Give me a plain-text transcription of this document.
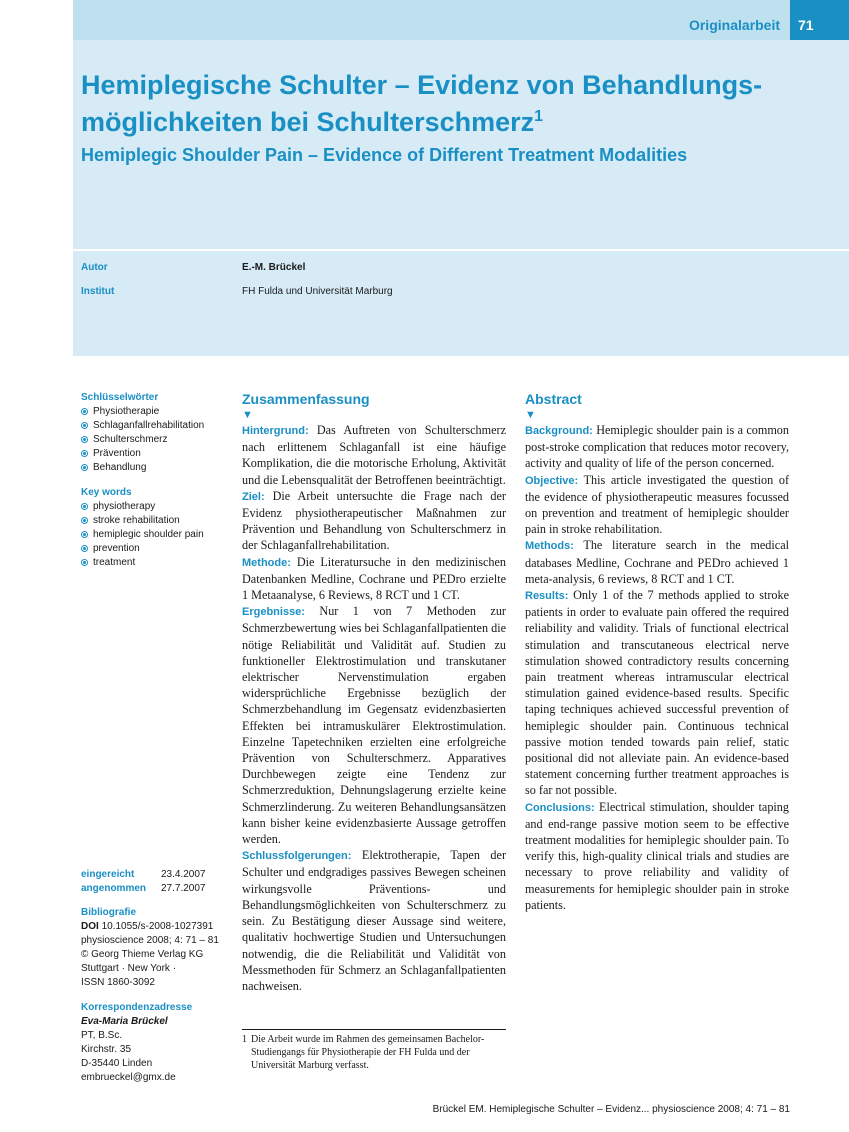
Originalarbeit	71
Hemiplegische Schulter – Evidenz von Behandlungs-
möglichkeiten bei Schulterschmerz$^1$
Hemiplegic Shoulder Pain – Evidence of Different Treatment Modalities
Autor	E.-M. Brückel
Institut	FH Fulda und Universität Marburg
Schlüsselwörter
Physiotherapie
Schlaganfallrehabilitation
Schulterschmerz
Prävention
Behandlung
Key words
physiotherapy
stroke rehabilitation
hemiplegic shoulder pain
prevention
treatment
eingereicht	23.4.2007
angenommen	27.7.2007
Bibliografie
DOI 10.1055/s-2008-1027391
physioscience 2008; 4: 71 – 81
© Georg Thieme Verlag KG
Stuttgart · New York ·
ISSN 1860-3092
Korrespondenzadresse
Eva-Maria Brückel
PT, B.Sc.
Kirchstr. 35
D-35440 Linden
embrueckel@gmx.de
Zusammenfassung
▼

Hintergrund: Das Auftreten von Schulterschmerz nach erlittenem Schlaganfall ist eine häufige Komplikation, die die motorische Erholung, Aktivität und die Lebensqualität der Betroffenen beeinträchtigt.

Ziel: Die Arbeit untersuchte die Frage nach der Evidenz physiotherapeutischer Maßnahmen zur Prävention und Behandlung von Schulterschmerz in der Schlaganfallrehabilitation.

Methode: Die Literatursuche in den medizinischen Datenbanken Medline, Cochrane und PEDro erzielte 1 Metaanalyse, 6 Reviews, 8 RCT und 1 CT.

Ergebnisse: Nur 1 von 7 Methoden zur Schmerzbewertung wies bei Schlaganfallpatienten die nötige Reliabilität und Validität auf. Studien zu funktioneller Elektrostimulation und transkutaner elektrischer Nervenstimulation ergaben widersprüchliche Ergebnisse bezüglich der Schmerzbehandlung im Gegensatz evidenzbasierten Effekten bei intramuskulärer Elektrostimulation. Einzelne Tapetechniken erzielten eine erfolgreiche Prävention von Schulterschmerz. Apparatives Durchbewegen zeigte eine Tendenz zur Schmerzreduktion, Dehnungslagerung erzielte keine Schmerzlinderung. Zu weiteren Behandlungsansätzen kann bisher keine evidenzbasierte Aussage getroffen werden.

Schlussfolgerungen: Elektrotherapie, Tapen der Schulter und endgradiges passives Bewegen scheinen wirkungsvolle Präventions- und Behandlungsmöglichkeiten von Schulterschmerz zu sein. Zu Bestätigung dieser Aussage sind weitere, qualitativ hochwertige Studien und Untersuchungen notwendig, die die Reliabilität und Validität von Messmethoden für Schmerz an Schlaganfallpatienten nachweisen.

Abstract
▼

Background: Hemiplegic shoulder pain is a common post-stroke complication that reduces motor recovery, activity and quality of life of the person concerned.

Objective: This article investigated the question of the evidence of physiotherapeutic measures focussed on prevention and treatment of hemiplegic shoulder pain in stroke rehabilitation.

Methods: The literature search in the medical databases Medline, Cochrane and PEDro achieved 1 meta-analysis, 6 reviews, 8 RCT and 1 CT.

Results: Only 1 of the 7 methods applied to stroke patients in order to evaluate pain offered the required reliability and validity. Trials of functional electrical stimulation and transcutaneous electrical nerve stimulation showed contradictory results concerning pain treatment whereas intramuscular electrical stimulation gained evidence-based results. Specific taping techniques achieved successful prevention of hemiplegic shoulder pain. Continuous technical passive motion tended towards pain relief, static positional did not alleviate pain. An evidence-based statement concerning further treatment approaches is so far not possible.

Conclusions: Electrical stimulation, shoulder taping and end-range passive motion seem to be effective treatment modalities for hemiplegic shoulder pain. To verify this, high-quality clinical trials and studies are necessary to prove reliability and validity of measurements for hemiplegic shoulder pain in stroke patients.

1 Die Arbeit wurde im Rahmen des gemeinsamen Bachelor-Studiengangs für Physiotherapie der FH Fulda und der Universität Marburg verfasst.
Brückel EM. Hemiplegische Schulter – Evidenz... physioscience 2008; 4: 71 – 81
